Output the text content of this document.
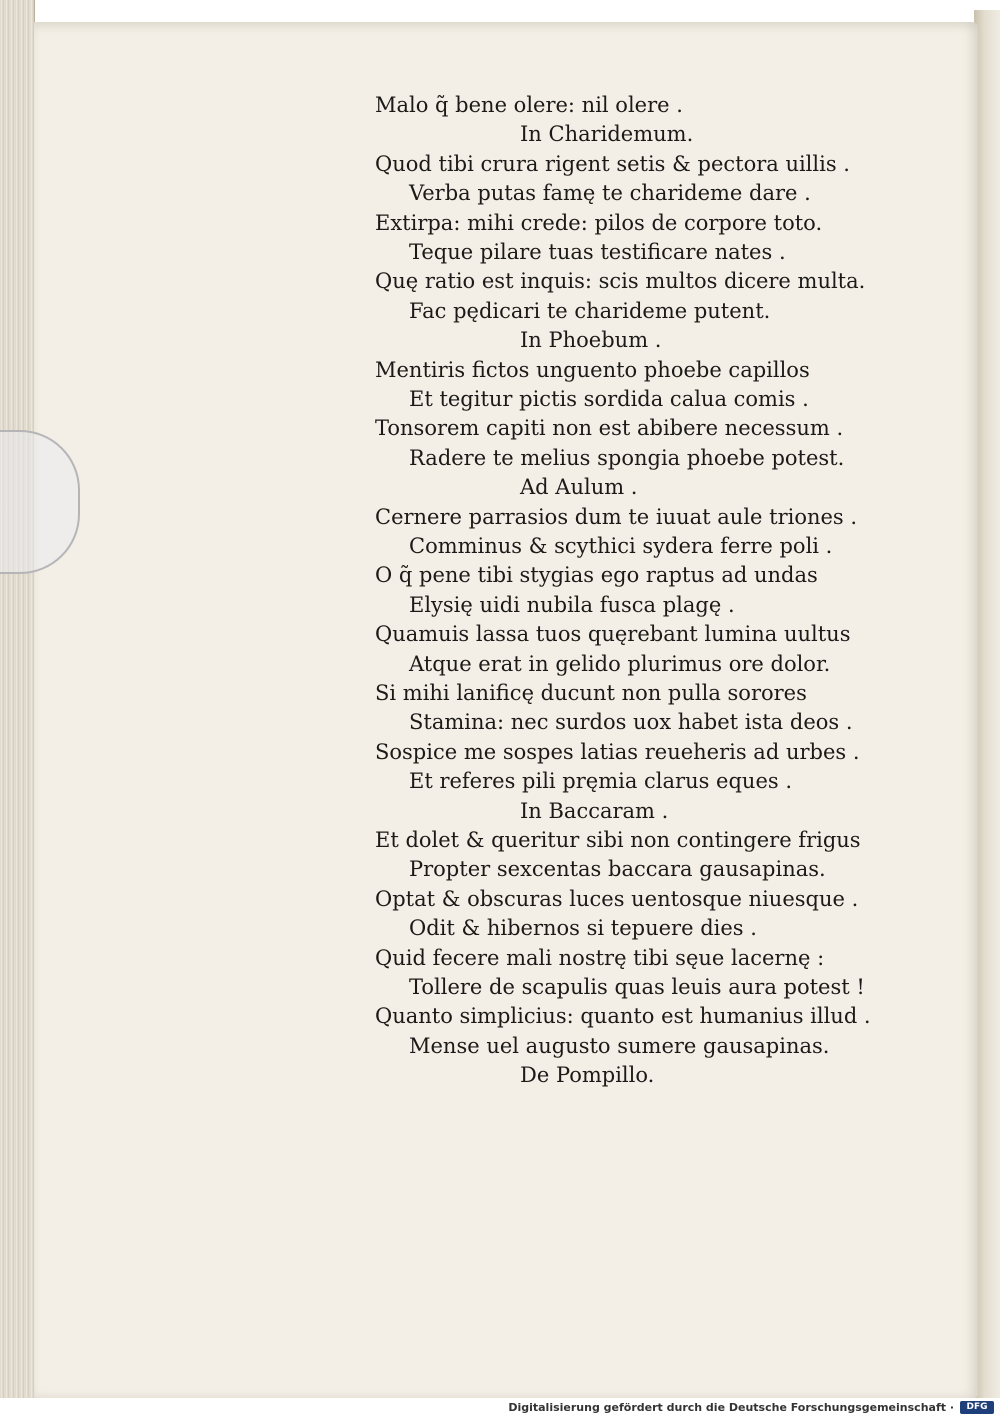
Malo q̃ bene olere: nil olere .
In Charidemum.
Quod tibi crura rigent setis & pectora uillis .
Verba putas famę te charideme dare .
Extirpa: mihi crede: pilos de corpore toto.
Teque pilare tuas testificare nates .
Quę ratio est inquis: scis multos dicere multa.
Fac pędicari te charideme putent.
In Phoebum .
Mentiris fictos unguento phoebe capillos
Et tegitur pictis sordida calua comis .
Tonsorem capiti non est abibere necessum .
Radere te melius spongia phoebe potest.
Ad Aulum .
Cernere parrasios dum te iuuat aule triones .
Comminus & scythici sydera ferre poli .
O q̃ pene tibi stygias ego raptus ad undas
Elysię uidi nubila fusca plagę .
Quamuis lassa tuos quęrebant lumina uultus
Atque erat in gelido plurimus ore dolor.
Si mihi lanificę ducunt non pulla sorores
Stamina: nec surdos uox habet ista deos .
Sospice me sospes latias reueheris ad urbes .
Et referes pili pręmia clarus eques .
In Baccaram .
Et dolet & queritur sibi non contingere frigus
Propter sexcentas baccara gausapinas.
Optat & obscuras luces uentosque niuesque .
Odit & hibernos si tepuere dies .
Quid fecere mali nostrę tibi sęue lacernę :
Tollere de scapulis quas leuis aura potest !
Quanto simplicius: quanto est humanius illud .
Mense uel augusto sumere gausapinas.
De Pompillo.
Digitalisierung gefördert durch die Deutsche Forschungsgemeinschaft ·	DFG
